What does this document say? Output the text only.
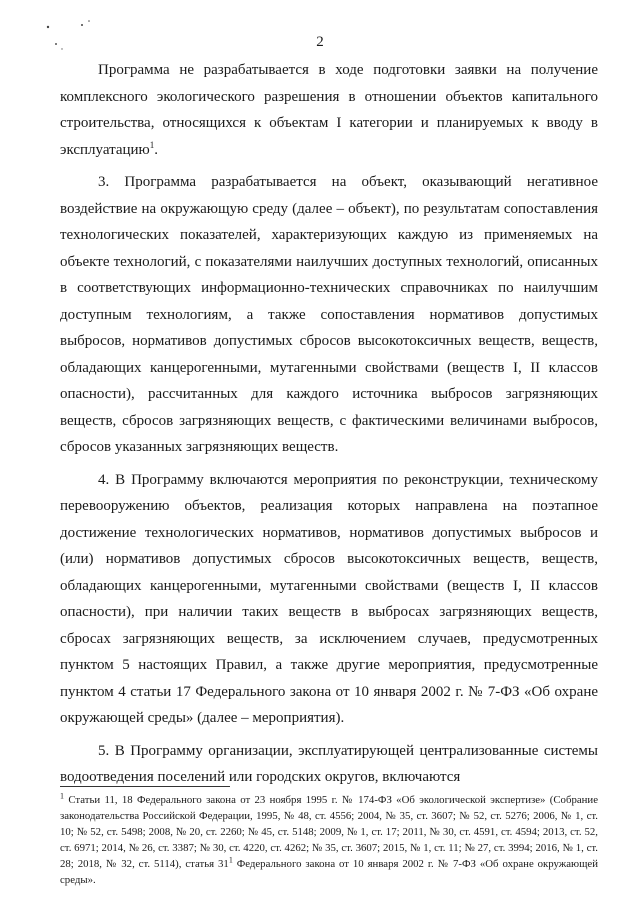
2

Программа не разрабатывается в ходе подготовки заявки на получение комплексного экологического разрешения в отношении объектов капитального строительства, относящихся к объектам I категории и планируемых к вводу в эксплуатацию$^1$.

3. Программа разрабатывается на объект, оказывающий негативное воздействие на окружающую среду (далее – объект), по результатам сопоставления технологических показателей, характеризующих каждую из применяемых на объекте технологий, с показателями наилучших доступных технологий, описанных в соответствующих информационно-технических справочниках по наилучшим доступным технологиям, а также сопоставления нормативов допустимых выбросов, нормативов допустимых сбросов высокотоксичных веществ, веществ, обладающих канцерогенными, мутагенными свойствами (веществ I, II классов опасности), рассчитанных для каждого источника выбросов загрязняющих веществ, сбросов загрязняющих веществ, с фактическими величинами выбросов, сбросов указанных загрязняющих веществ.

4. В Программу включаются мероприятия по реконструкции, техническому перевооружению объектов, реализация которых направлена на поэтапное достижение технологических нормативов, нормативов допустимых выбросов и (или) нормативов допустимых сбросов высокотоксичных веществ, веществ, обладающих канцерогенными, мутагенными свойствами (веществ I, II классов опасности), при наличии таких веществ в выбросах загрязняющих веществ, сбросах загрязняющих веществ, за исключением случаев, предусмотренных пунктом 5 настоящих Правил, а также другие мероприятия, предусмотренные пунктом 4 статьи 17 Федерального закона от 10 января 2002 г. № 7-ФЗ «Об охране окружающей среды» (далее – мероприятия).

5. В Программу организации, эксплуатирующей централизованные системы водоотведения поселений или городских округов, включаются

$^1$ Статьи 11, 18 Федерального закона от 23 ноября 1995 г. № 174-ФЗ «Об экологической экспертизе» (Собрание законодательства Российской Федерации, 1995, № 48, ст. 4556; 2004, № 35, ст. 3607; № 52, ст. 5276; 2006, № 1, ст. 10; № 52, ст. 5498; 2008, № 20, ст. 2260; № 45, ст. 5148; 2009, № 1, ст. 17; 2011, № 30, ст. 4591, ст. 4594; 2013, ст. 52, ст. 6971; 2014, № 26, ст. 3387; № 30, ст. 4220, ст. 4262; № 35, ст. 3607; 2015, № 1, ст. 11; № 27, ст. 3994; 2016, № 1, ст. 28; 2018, № 32, ст. 5114), статья 31$^1$ Федерального закона от 10 января 2002 г. № 7-ФЗ «Об охране окружающей среды».
